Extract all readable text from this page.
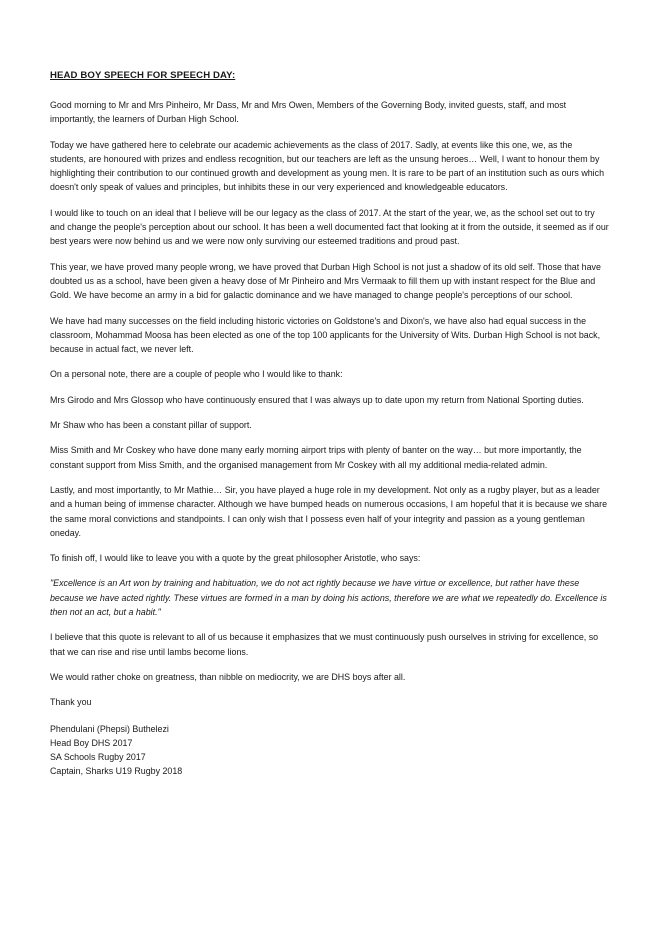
HEAD BOY SPEECH FOR SPEECH DAY:

Good morning to Mr and Mrs Pinheiro, Mr Dass, Mr and Mrs Owen, Members of the Governing Body, invited guests, staff, and most importantly, the learners of Durban High School.

Today we have gathered here to celebrate our academic achievements as the class of 2017. Sadly, at events like this one, we, as the students, are honoured with prizes and endless recognition, but our teachers are left as the unsung heroes… Well, I want to honour them by highlighting their contribution to our continued growth and development as young men. It is rare to be part of an institution such as ours which doesn't only speak of values and principles, but inhibits these in our very experienced and knowledgeable educators.

I would like to touch on an ideal that I believe will be our legacy as the class of 2017. At the start of the year, we, as the school set out to try and change the people's perception about our school. It has been a well documented fact that looking at it from the outside, it seemed as if our best years were now behind us and we were now only surviving our esteemed traditions and proud past.

This year, we have proved many people wrong, we have proved that Durban High School is not just a shadow of its old self. Those that have doubted us as a school, have been given a heavy dose of Mr Pinheiro and Mrs Vermaak to fill them up with instant respect for the Blue and Gold. We have become an army in a bid for galactic dominance and we have managed to change people's perceptions of our school.

We have had many successes on the field including historic victories on Goldstone's and Dixon's, we have also had equal success in the classroom, Mohammad Moosa has been elected as one of the top 100 applicants for the University of Wits. Durban High School is not back, because in actual fact, we never left.

On a personal note, there are a couple of people who I would like to thank:

Mrs Girodo and Mrs Glossop who have continuously ensured that I was always up to date upon my return from National Sporting duties.

Mr Shaw who has been a constant pillar of support.

Miss Smith and Mr Coskey who have done many early morning airport trips with plenty of banter on the way… but more importantly, the constant support from Miss Smith, and the organised management from Mr Coskey with all my additional media-related admin.

Lastly, and most importantly, to Mr Mathie… Sir, you have played a huge role in my development. Not only as a rugby player, but as a leader and a human being of immense character. Although we have bumped heads on numerous occasions, I am hopeful that it is because we share the same moral convictions and standpoints. I can only wish that I possess even half of your integrity and passion as a young gentleman oneday.

To finish off, I would like to leave you with a quote by the great philosopher Aristotle, who says:

"Excellence is an Art won by training and habituation, we do not act rightly because we have virtue or excellence, but rather have these because we have acted rightly. These virtues are formed in a man by doing his actions, therefore we are what we repeatedly do. Excellence is then not an act, but a habit."

I believe that this quote is relevant to all of us because it emphasizes that we must continuously push ourselves in striving for excellence, so that we can rise and rise until lambs become lions.

We would rather choke on greatness, than nibble on mediocrity, we are DHS boys after all.

Thank you

Phendulani (Phepsi) Buthelezi

Head Boy DHS 2017

SA Schools Rugby 2017

Captain, Sharks U19 Rugby 2018
